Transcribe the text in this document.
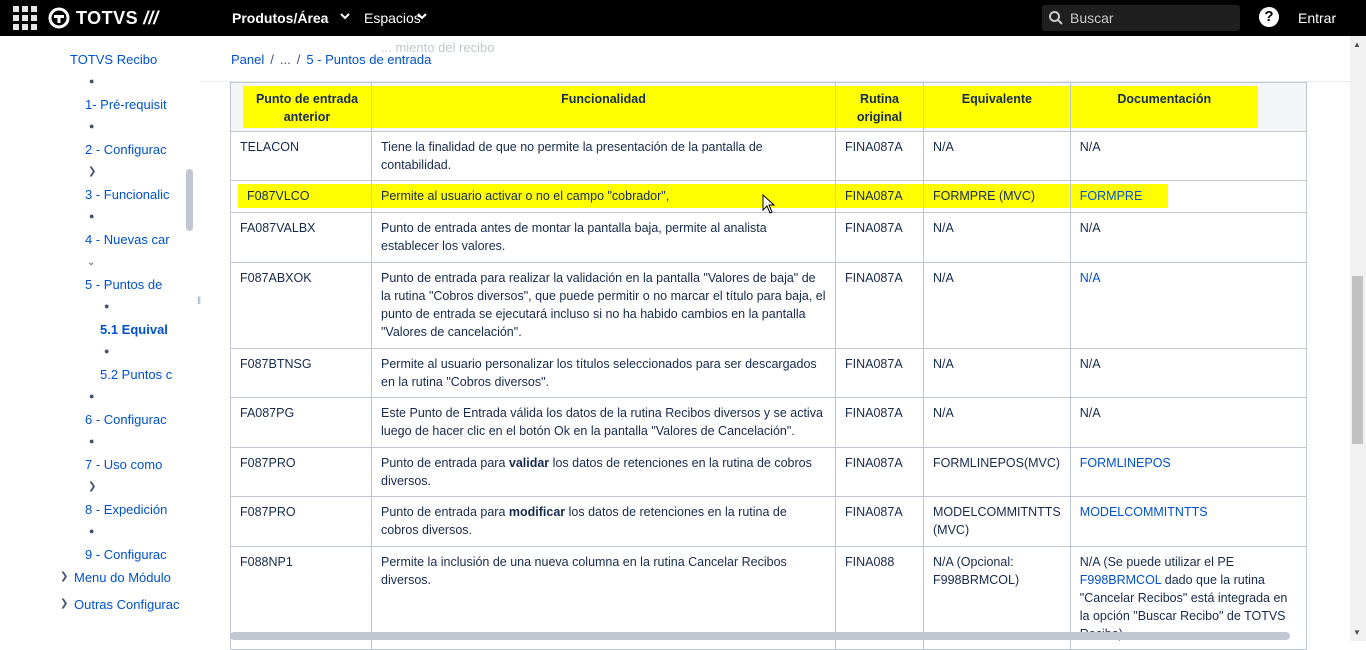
TOTVS ///	Produtos/Área	Espacios	Buscar	?	Entrar
TOTVS Recibo
●
1- Pré-requisit
●
2 - Configurac
❯
3 - Funcionalic
●
4 - Nuevas car
⌄
5 - Puntos de
●
5.1 Equival
●
5.2 Puntos c
●
6 - Configurac
●
7 - Uso como
❯
8 - Expedición
●
9 - Configurac
❯ Menu do Módulo
❯ Outras Configurac
‖
... miento del recibo
Panel / ... / 5 - Puntos de entrada
Punto de entrada anterior	Funcionalidad	Rutina original	Equivalente	Documentación

TELACON	Tiene la finalidad de que no permite la presentación de la pantalla de contabilidad.	FINA087A	N/A	N/A

F087VLCO	Permite al usuario activar o no el campo "cobrador",	FINA087A	FORMPRE (MVC)	FORMPRE

FA087VALBX	Punto de entrada antes de montar la pantalla baja, permite al analista establecer los valores.	FINA087A	N/A	N/A
F087ABXOK	Punto de entrada para realizar la validación en la pantalla "Valores de baja" de la rutina "Cobros diversos", que puede permitir o no marcar el título para baja, el punto de entrada se ejecutará incluso si no ha habido cambios en la pantalla "Valores de cancelación".	FINA087A	N/A	N/A
F087BTNSG	Permite al usuario personalizar los títulos seleccionados para ser descargados en la rutina "Cobros diversos".	FINA087A	N/A	N/A
FA087PG	Este Punto de Entrada válida los datos de la rutina Recibos diversos y se activa luego de hacer clic en el botón Ok en la pantalla "Valores de Cancelación".	FINA087A	N/A	N/A
F087PRO	Punto de entrada para validar los datos de retenciones en la rutina de cobros diversos.	FINA087A	FORMLINEPOS(MVC)	FORMLINEPOS
F087PRO	Punto de entrada para modificar los datos de retenciones en la rutina de cobros diversos.	FINA087A	MODELCOMMITNTTS (MVC)	MODELCOMMITNTTS
F088NP1	Permite la inclusión de una nueva columna en la rutina Cancelar Recibos diversos.	FINA088	N/A (Opcional: F998BRMCOL)	N/A (Se puede utilizar el PE F998BRMCOL dado que la rutina "Cancelar Recibos" está integrada en la opción "Buscar Recibo" de TOTVS
▲
▼
